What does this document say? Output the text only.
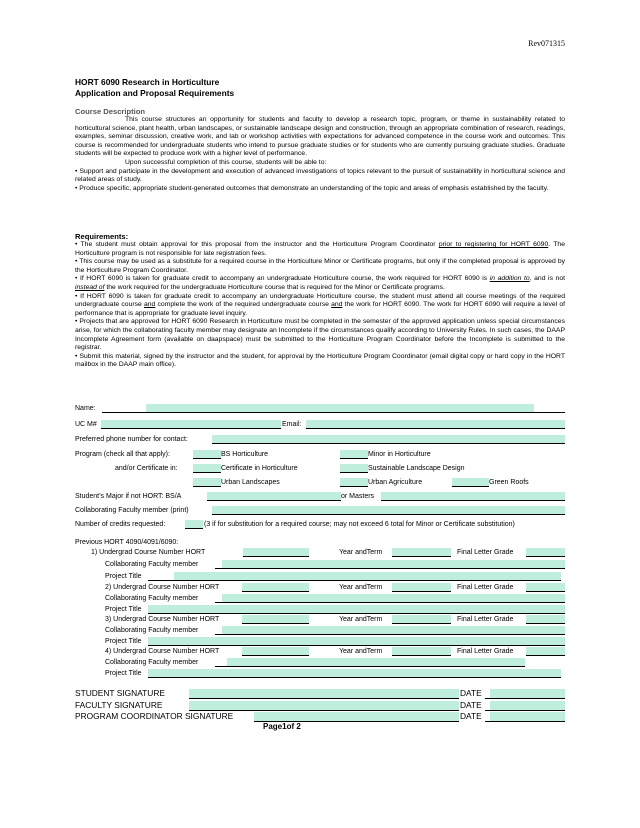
Rev071315
HORT 6090 Research in Horticulture
Application and Proposal Requirements
Course Description

This course structures an opportunity for students and faculty to develop a research topic, program, or theme in sustainability related to horticultural science, plant health, urban landscapes, or sustainable landscape design and construction, through an appropriate combination of research, readings, examples, seminar discussion, creative work, and lab or workshop activities with expectations for advanced competence in the course work and outcomes. This course is recommended for undergraduate students who intend to pursue graduate studies or for students who are currently pursuing graduate studies. Graduate students will be expected to produce work with a higher level of performance.

Upon successful completion of this course, students will be able to:

• Support and participate in the development and execution of advanced investigations of topics relevant to the pursuit of sustainability in horticultural science and related areas of study.

• Produce specific, appropriate student-generated outcomes that demonstrate an understanding of the topic and areas of emphasis established by the faculty.

Requirements:

• The student must obtain approval for this proposal from the instructor and the Horticulture Program Coordinator prior to registering for HORT 6090. The Horticulture program is not responsible for late registration fees.

• This course may be used as a substitute for a required course in the Horticulture Minor or Certificate programs, but only if the completed proposal is approved by the Horticulture Program Coordinator.

• If HORT 6090 is taken for graduate credit to accompany an undergraduate Horticulture course, the work required for HORT 6090 is in addition to, and is not instead of the work required for the undergraduate Horticulture course that is required for the Minor or Certificate programs.

• If HORT 6090 is taken for graduate credit to accompany an undergraduate Horticulture course, the student must attend all course meetings of the required undergraduate course and complete the work of the required undergraduate course and the work for HORT 6090. The work for HORT 6090 will require a level of performance that is appropriate for graduate level inquiry.

• Projects that are approved for HORT 6090 Research in Horticulture must be completed in the semester of the approved application unless special circumstances arise, for which the collaborating faculty member may designate an Incomplete if the circumstances qualify according to University Rules. In such cases, the DAAP Incomplete Agreement form (available on daapspace) must be submitted to the Horticulture Program Coordinator before the Incomplete is submitted to the registrar.

• Submit this material, signed by the instructor and the student, for approval by the Horticulture Program Coordinator (email digital copy or hard copy in the HORT mailbox in the DAAP main office).

Name:
UC M#	Email:
Preferred phone number for contact:
Program (check all that apply):	BS Horticulture	Minor in Horticulture
and/or Certificate in:	Certificate in Horticulture	Sustainable Landscape Design
Urban Landscapes	Urban Agriculture	Green Roofs
Student’s Major if not HORT: BS/A	or Masters
Collaborating Faculty member (print)
Number of credits requested:	(3 if for substitution for a required course; may not exceed 6 total for Minor or Certificate substitution)
Previous HORT 4090/4091/6090:
1) Undergrad Course Number HORT	Year andTerm	Final Letter Grade
Collaborating Faculty member
Project Title
2) Undergrad Course Number HORT	Year andTerm	Final Letter Grade
Collaborating Faculty member
Project Title
3) Undergrad Course Number HORT	Year andTerm	Final Letter Grade
Collaborating Faculty member
Project Title
4) Undergrad Course Number HORT	Year andTerm	Final Letter Grade
Collaborating Faculty member
Project Title
STUDENT SIGNATURE	DATE
FACULTY SIGNATURE	DATE
PROGRAM COORDINATOR SIGNATURE	DATE
Page1of 2
